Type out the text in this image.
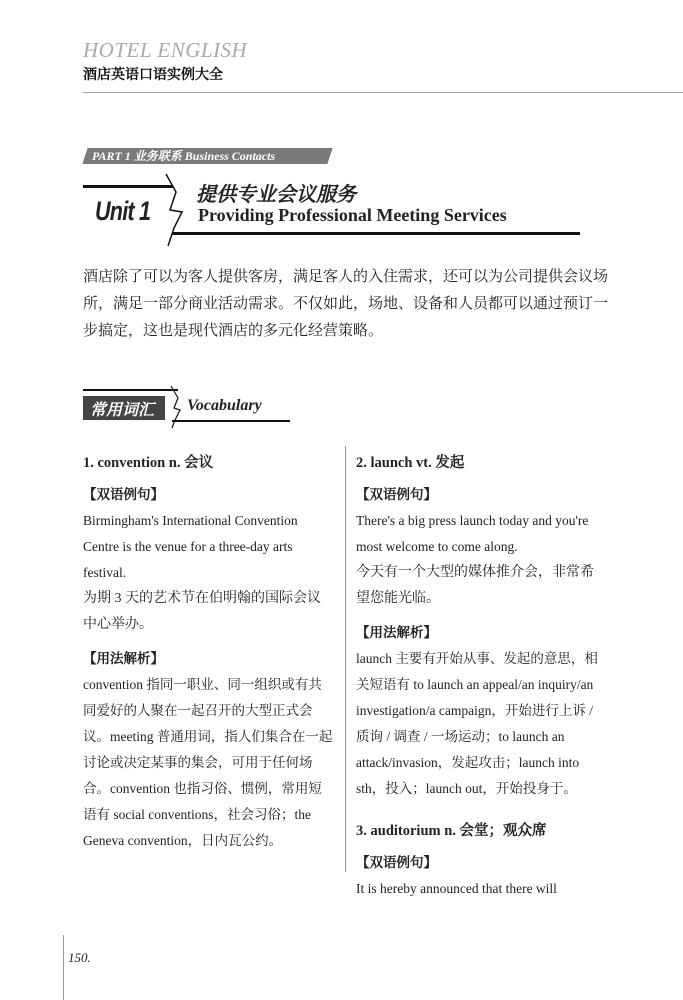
HOTEL ENGLISH
酒店英语口语实例大全
PART 1 业务联系 Business Contacts
Unit 1
提供专业会议服务
Providing Professional Meeting Services
酒店除了可以为客人提供客房，满足客人的入住需求，还可以为公司提供会议场所，满足一部分商业活动需求。不仅如此，场地、设备和人员都可以通过预订一步搞定，这也是现代酒店的多元化经营策略。
常用词汇 Vocabulary
1. convention n. 会议
【双语例句】
Birmingham's International Convention Centre is the venue for a three-day arts festival.
为期 3 天的艺术节在伯明翰的国际会议中心举办。
【用法解析】
convention 指同一职业、同一组织或有共同爱好的人聚在一起召开的大型正式会议。meeting 普通用词，指人们集合在一起讨论或决定某事的集会，可用于任何场合。convention 也指习俗、惯例，常用短语有 social conventions，社会习俗；the Geneva convention，日内瓦公约。
2. launch vt. 发起
【双语例句】
There's a big press launch today and you're most welcome to come along.
今天有一个大型的媒体推介会，非常希望您能光临。
【用法解析】
launch 主要有开始从事、发起的意思，相关短语有 to launch an appeal/an inquiry/an investigation/a campaign，开始进行上诉 / 质询 / 调查 / 一场运动；to launch an attack/invasion，发起攻击；launch into sth，投入；launch out，开始投身于。
3. auditorium n. 会堂；观众席
【双语例句】
It is hereby announced that there will
150.
